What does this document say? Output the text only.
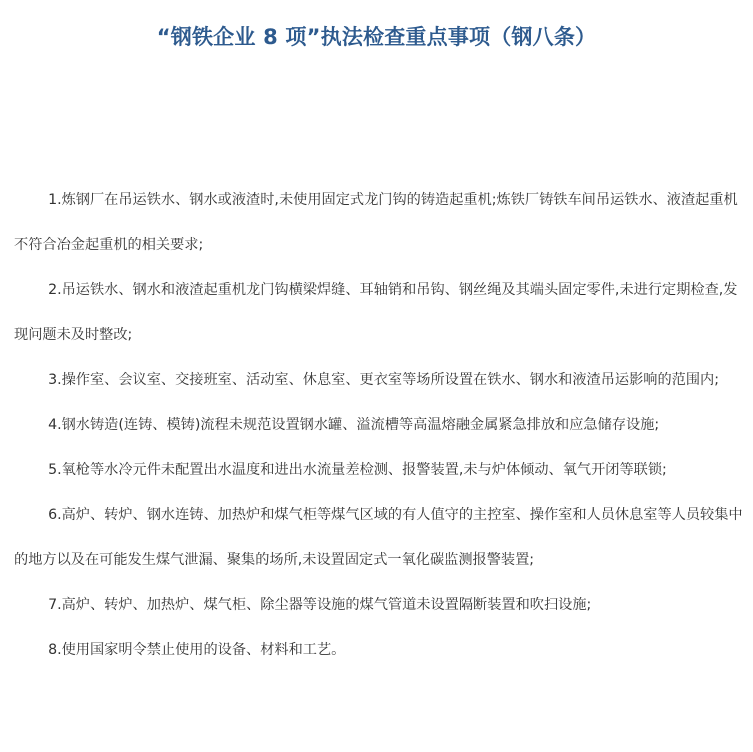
“钢铁企业 8 项”执法检查重点事项（钢八条）

1.炼钢厂在吊运铁水、钢水或液渣时,未使用固定式龙门钩的铸造起重机;炼铁厂铸铁车间吊运铁水、液渣起重机不符合冶金起重机的相关要求;

2.吊运铁水、钢水和液渣起重机龙门钩横梁焊缝、耳轴销和吊钩、钢丝绳及其端头固定零件,未进行定期检查,发现问题未及时整改;

3.操作室、会议室、交接班室、活动室、休息室、更衣室等场所设置在铁水、钢水和液渣吊运影响的范围内;

4.钢水铸造(连铸、模铸)流程未规范设置钢水罐、溢流槽等高温熔融金属紧急排放和应急储存设施;

5.氧枪等水冷元件未配置出水温度和进出水流量差检测、报警装置,未与炉体倾动、氧气开闭等联锁;

6.高炉、转炉、钢水连铸、加热炉和煤气柜等煤气区域的有人值守的主控室、操作室和人员休息室等人员较集中的地方以及在可能发生煤气泄漏、聚集的场所,未设置固定式一氧化碳监测报警装置;

7.高炉、转炉、加热炉、煤气柜、除尘器等设施的煤气管道未设置隔断装置和吹扫设施;

8.使用国家明令禁止使用的设备、材料和工艺。
